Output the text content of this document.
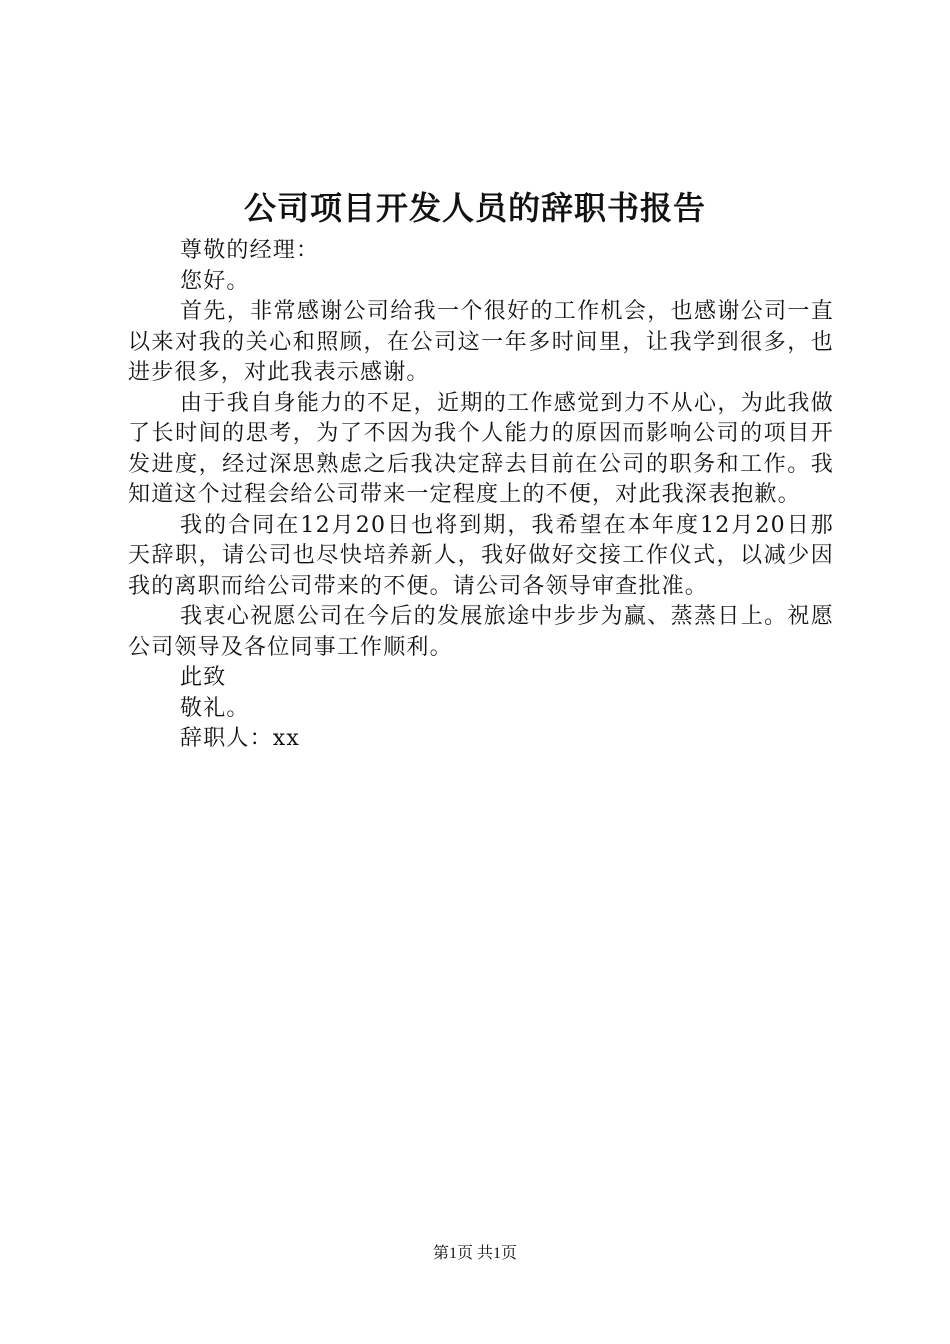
公司项目开发人员的辞职书报告

尊敬的经理：

您好。

首先，非常感谢公司给我一个很好的工作机会，也感谢公司一直以来对我的关心和照顾，在公司这一年多时间里，让我学到很多，也进步很多，对此我表示感谢。

由于我自身能力的不足，近期的工作感觉到力不从心，为此我做了长时间的思考，为了不因为我个人能力的原因而影响公司的项目开发进度，经过深思熟虑之后我决定辞去目前在公司的职务和工作。我知道这个过程会给公司带来一定程度上的不便，对此我深表抱歉。

我的合同在12月20日也将到期，我希望在本年度12月20日那天辞职，请公司也尽快培养新人，我好做好交接工作仪式，以减少因我的离职而给公司带来的不便。请公司各领导审查批准。

我衷心祝愿公司在今后的发展旅途中步步为赢、蒸蒸日上。祝愿公司领导及各位同事工作顺利。

此致

敬礼。

辞职人：xx

第1页 共1页
